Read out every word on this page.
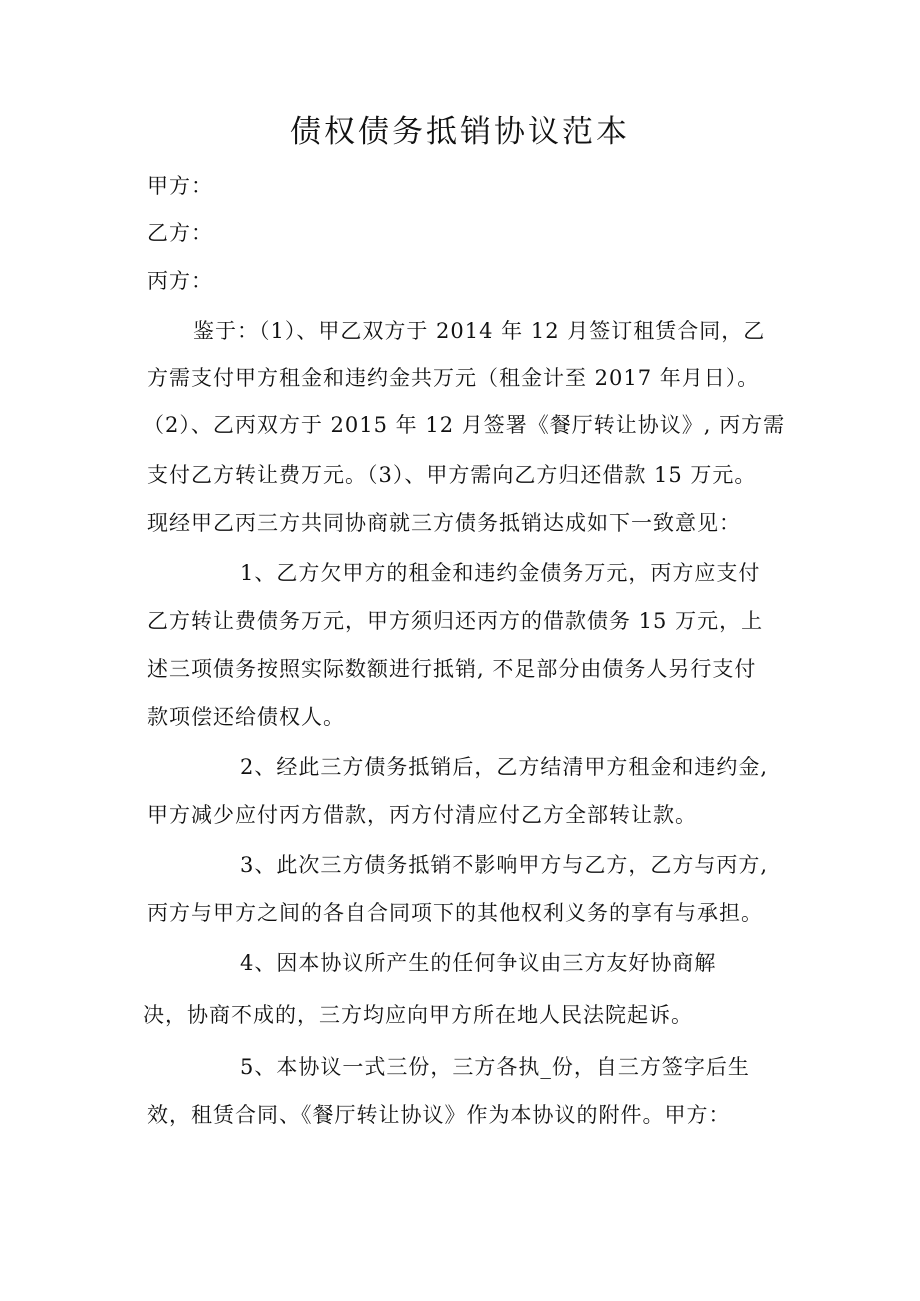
债权债务抵销协议范本
甲方：
乙方：
丙方：
鉴于：（1）、甲乙双方于 2014 年 12 月签订租赁合同，乙
方需支付甲方租金和违约金共万元（租金计至 2017 年月日）。
（2）、乙丙双方于 2015 年 12 月签署《餐厅转让协议》, 丙方需
支付乙方转让费万元。（3）、甲方需向乙方归还借款 15 万元。
现经甲乙丙三方共同协商就三方债务抵销达成如下一致意见：
1、乙方欠甲方的租金和违约金债务万元，丙方应支付
乙方转让费债务万元，甲方须归还丙方的借款债务 15 万元，上
述三项债务按照实际数额进行抵销, 不足部分由债务人另行支付
款项偿还给债权人。
2、经此三方债务抵销后，乙方结清甲方租金和违约金,
甲方减少应付丙方借款，丙方付清应付乙方全部转让款。
3、此次三方债务抵销不影响甲方与乙方，乙方与丙方,
丙方与甲方之间的各自合同项下的其他权利义务的享有与承担。
4、因本协议所产生的任何争议由三方友好协商解
决，协商不成的，三方均应向甲方所在地人民法院起诉。
5、本协议一式三份，三方各执_份，自三方签字后生
效，租赁合同、《餐厅转让协议》作为本协议的附件。甲方：
